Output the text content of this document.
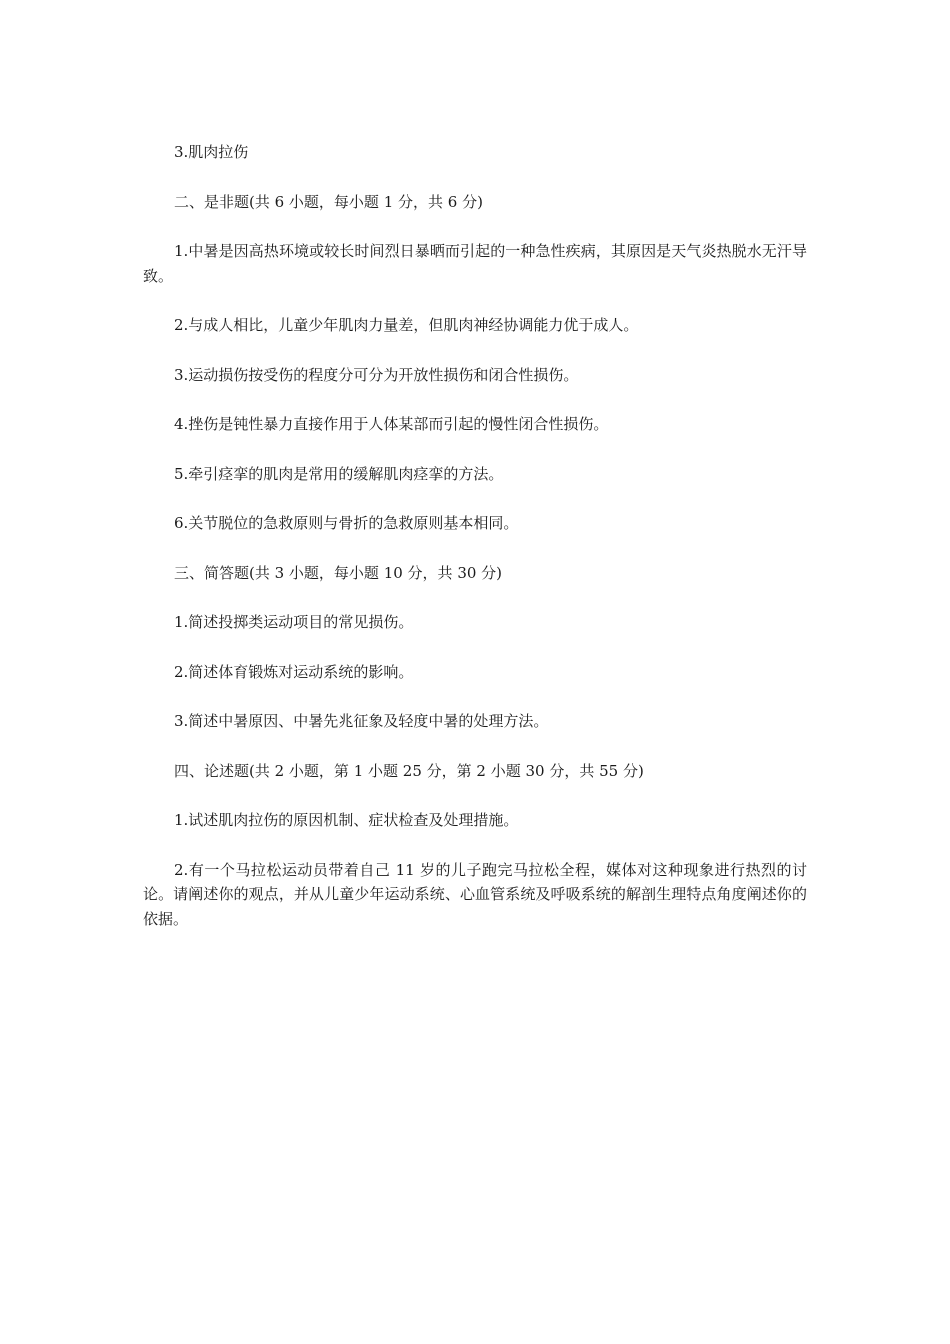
3.肌肉拉伤

二、是非题(共 6 小题，每小题 1 分，共 6 分)

1.中暑是因高热环境或较长时间烈日暴晒而引起的一种急性疾病，其原因是天气炎热脱水无汗导致。

2.与成人相比，儿童少年肌肉力量差，但肌肉神经协调能力优于成人。

3.运动损伤按受伤的程度分可分为开放性损伤和闭合性损伤。

4.挫伤是钝性暴力直接作用于人体某部而引起的慢性闭合性损伤。

5.牵引痉挛的肌肉是常用的缓解肌肉痉挛的方法。

6.关节脱位的急救原则与骨折的急救原则基本相同。

三、简答题(共 3 小题，每小题 10 分，共 30 分)

1.简述投掷类运动项目的常见损伤。

2.简述体育锻炼对运动系统的影响。

3.简述中暑原因、中暑先兆征象及轻度中暑的处理方法。

四、论述题(共 2 小题，第 1 小题 25 分，第 2 小题 30 分，共 55 分)

1.试述肌肉拉伤的原因机制、症状检查及处理措施。

2.有一个马拉松运动员带着自己 11 岁的儿子跑完马拉松全程，媒体对这种现象进行热烈的讨论。请阐述你的观点，并从儿童少年运动系统、心血管系统及呼吸系统的解剖生理特点角度阐述你的依据。
